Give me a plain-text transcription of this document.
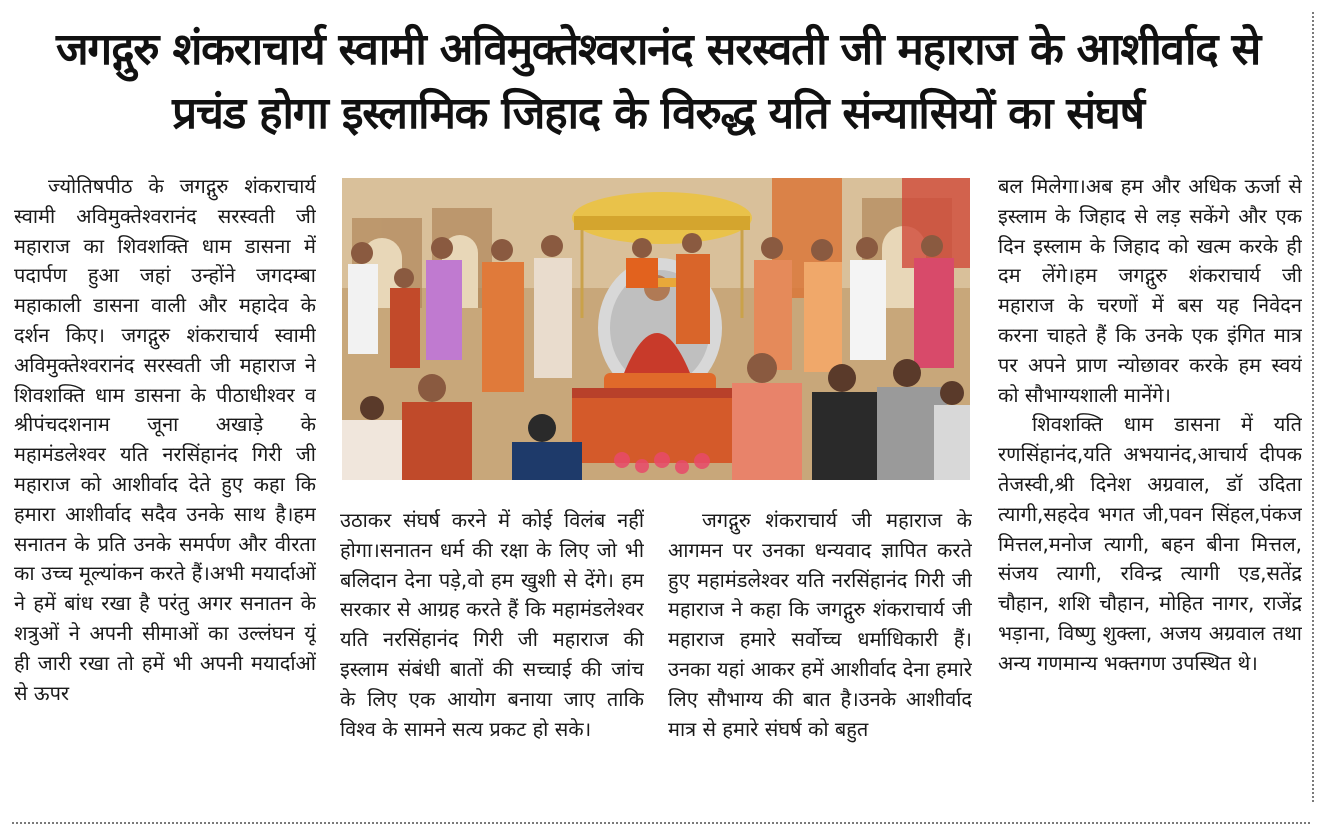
जगद्गुरु शंकराचार्य स्वामी अविमुक्तेश्वरानंद सरस्वती जी महाराज के आशीर्वाद से
प्रचंड होगा इस्लामिक जिहाद के विरुद्ध यति संन्यासियों का संघर्ष

ज्योतिषपीठ के जगद्गुरु शंकराचार्य स्वामी अविमुक्तेश्वरानंद सरस्वती जी महाराज का शिवशक्ति धाम डासना में पदार्पण हुआ जहां उन्होंने जगदम्बा महाकाली डासना वाली और महादेव के दर्शन किए। जगद्गुरु शंकराचार्य स्वामी अविमुक्तेश्वरानंद सरस्वती जी महाराज ने शिवशक्ति धाम डासना के पीठाधीश्वर व श्रीपंचदशनाम जूना अखाड़े के महामंडलेश्वर यति नरसिंहानंद गिरी जी महाराज को आशीर्वाद देते हुए कहा कि हमारा आशीर्वाद सदैव उनके साथ है।हम सनातन के प्रति उनके समर्पण और वीरता का उच्च मूल्यांकन करते हैं।अभी मयार्दाओं ने हमें बांध रखा है परंतु अगर सनातन के शत्रुओं ने अपनी सीमाओं का उल्लंघन यूं ही जारी रखा तो हमें भी अपनी मयार्दाओं से ऊपर

उठाकर संघर्ष करने में कोई विलंब नहीं होगा।सनातन धर्म की रक्षा के लिए जो भी बलिदान देना पड़े,वो हम खुशी से देंगे। हम सरकार से आग्रह करते हैं कि महामंडलेश्वर यति नरसिंहानंद गिरी जी महाराज की इस्लाम संबंधी बातों की सच्चाई की जांच के लिए एक आयोग बनाया जाए ताकि विश्व के सामने सत्य प्रकट हो सके।

जगद्गुरु शंकराचार्य जी महाराज के आगमन पर उनका धन्यवाद ज्ञापित करते हुए महामंडलेश्वर यति नरसिंहानंद गिरी जी महाराज ने कहा कि जगद्गुरु शंकराचार्य जी महाराज हमारे सर्वोच्च धर्माधिकारी हैं।उनका यहां आकर हमें आशीर्वाद देना हमारे लिए सौभाग्य की बात है।उनके आशीर्वाद मात्र से हमारे संघर्ष को बहुत

बल मिलेगा।अब हम और अधिक ऊर्जा से इस्लाम के जिहाद से लड़ सकेंगे और एक दिन इस्लाम के जिहाद को खत्म करके ही दम लेंगे।हम जगद्गुरु शंकराचार्य जी महाराज के चरणों में बस यह निवेदन करना चाहते हैं कि उनके एक इंगित मात्र पर अपने प्राण न्योछावर करके हम स्वयं को सौभाग्यशाली मानेंगे।

शिवशक्ति धाम डासना में यति रणसिंहानंद,यति अभयानंद,आचार्य दीपक तेजस्वी,श्री दिनेश अग्रवाल, डॉ उदिता त्यागी,सहदेव भगत जी,पवन सिंहल,पंकज मित्तल,मनोज त्यागी, बहन बीना मित्तल, संजय त्यागी, रविन्द्र त्यागी एड,सतेंद्र चौहान, शशि चौहान, मोहित नागर, राजेंद्र भड़ाना, विष्णु शुक्ला, अजय अग्रवाल तथा अन्य गणमान्य भक्तगण उपस्थित थे।
